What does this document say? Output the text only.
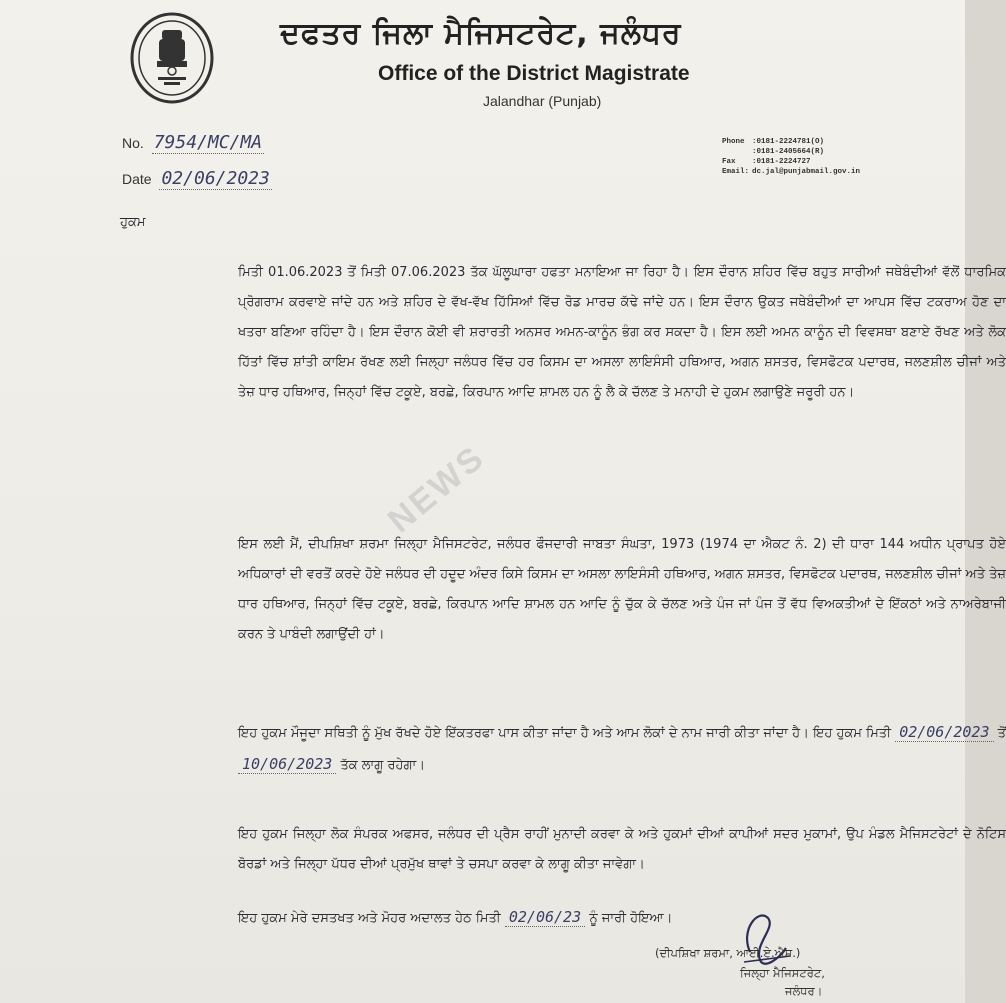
ਦਫਤਰ ਜਿਲਾ ਮੈਜਿਸਟਰੇਟ, ਜਲੰਧਰ
Office of the District Magistrate
Jalandhar (Punjab)
No. 7954/MC/MA
Date 02/06/2023
Phone :0181-2224781(O)
:0181-2405664(R)
Fax	:0181-2224727
Email: dc.jal@punjabmail.gov.in
ਹੁਕਮ
ਮਿਤੀ 01.06.2023 ਤੋਂ ਮਿਤੀ 07.06.2023 ਤੱਕ ਘੱਲੂਘਾਰਾ ਹਫਤਾ ਮਨਾਇਆ ਜਾ ਰਿਹਾ ਹੈ। ਇਸ ਦੌਰਾਨ ਸ਼ਹਿਰ ਵਿੱਚ ਬਹੁਤ ਸਾਰੀਆਂ ਜਥੇਬੰਦੀਆਂ ਵੱਲੋਂ ਧਾਰਮਿਕ ਪ੍ਰੋਗਰਾਮ ਕਰਵਾਏ ਜਾਂਦੇ ਹਨ ਅਤੇ ਸ਼ਹਿਰ ਦੇ ਵੱਖ-ਵੱਖ ਹਿੱਸਿਆਂ ਵਿੱਚ ਰੋਡ ਮਾਰਚ ਕੱਢੇ ਜਾਂਦੇ ਹਨ। ਇਸ ਦੌਰਾਨ ਉਕਤ ਜਥੇਬੰਦੀਆਂ ਦਾ ਆਪਸ ਵਿੱਚ ਟਕਰਾਅ ਹੋਣ ਦਾ ਖਤਰਾ ਬਣਿਆ ਰਹਿੰਦਾ ਹੈ। ਇਸ ਦੌਰਾਨ ਕੋਈ ਵੀ ਸ਼ਰਾਰਤੀ ਅਨਸਰ ਅਮਨ-ਕਾਨੂੰਨ ਭੰਗ ਕਰ ਸਕਦਾ ਹੈ। ਇਸ ਲਈ ਅਮਨ ਕਾਨੂੰਨ ਦੀ ਵਿਵਸਥਾ ਬਣਾਏ ਰੱਖਣ ਅਤੇ ਲੋਕ ਹਿੱਤਾਂ ਵਿੱਚ ਸ਼ਾਂਤੀ ਕਾਇਮ ਰੱਖਣ ਲਈ ਜਿਲ੍ਹਾ ਜਲੰਧਰ ਵਿੱਚ ਹਰ ਕਿਸਮ ਦਾ ਅਸਲਾ ਲਾਇਸੰਸੀ ਹਥਿਆਰ, ਅਗਨ ਸ਼ਸਤਰ, ਵਿਸਫੋਟਕ ਪਦਾਰਥ, ਜਲਣਸ਼ੀਲ ਚੀਜਾਂ ਅਤੇ ਤੇਜ਼ ਧਾਰ ਹਥਿਆਰ, ਜਿਨ੍ਹਾਂ ਵਿੱਚ ਟਕੂਏ, ਬਰਛੇ, ਕਿਰਪਾਨ ਆਦਿ ਸ਼ਾਮਲ ਹਨ ਨੂੰ ਲੈ ਕੇ ਚੱਲਣ ਤੇ ਮਨਾਹੀ ਦੇ ਹੁਕਮ ਲਗਾਉਣੇ ਜਰੂਰੀ ਹਨ।
ਇਸ ਲਈ ਮੈਂ, ਦੀਪਸ਼ਿਖਾ ਸ਼ਰਮਾ ਜਿਲ੍ਹਾ ਮੈਜਿਸਟਰੇਟ, ਜਲੰਧਰ ਫੌਜਦਾਰੀ ਜਾਬਤਾ ਸੰਘਤਾ, 1973 (1974 ਦਾ ਐਕਟ ਨੰ. 2) ਦੀ ਧਾਰਾ 144 ਅਧੀਨ ਪ੍ਰਾਪਤ ਹੋਏ ਅਧਿਕਾਰਾਂ ਦੀ ਵਰਤੋਂ ਕਰਦੇ ਹੋਏ ਜਲੰਧਰ ਦੀ ਹਦੂਦ ਅੰਦਰ ਕਿਸੇ ਕਿਸਮ ਦਾ ਅਸਲਾ ਲਾਇਸੰਸੀ ਹਥਿਆਰ, ਅਗਨ ਸ਼ਸਤਰ, ਵਿਸਫੋਟਕ ਪਦਾਰਥ, ਜਲਣਸ਼ੀਲ ਚੀਜਾਂ ਅਤੇ ਤੇਜ਼ ਧਾਰ ਹਥਿਆਰ, ਜਿਨ੍ਹਾਂ ਵਿੱਚ ਟਕੂਏ, ਬਰਛੇ, ਕਿਰਪਾਨ ਆਦਿ ਸ਼ਾਮਲ ਹਨ ਆਦਿ ਨੂੰ ਚੁੱਕ ਕੇ ਚੱਲਣ ਅਤੇ ਪੰਜ ਜਾਂ ਪੰਜ ਤੋਂ ਵੱਧ ਵਿਅਕਤੀਆਂ ਦੇ ਇੱਕਠਾਂ ਅਤੇ ਨਾਅਰੇਬਾਜੀ ਕਰਨ ਤੇ ਪਾਬੰਦੀ ਲਗਾਉਂਦੀ ਹਾਂ।
ਇਹ ਹੁਕਮ ਮੌਜੂਦਾ ਸਥਿਤੀ ਨੂੰ ਮੁੱਖ ਰੱਖਦੇ ਹੋਏ ਇੱਕਤਰਫਾ ਪਾਸ ਕੀਤਾ ਜਾਂਦਾ ਹੈ ਅਤੇ ਆਮ ਲੋਕਾਂ ਦੇ ਨਾਮ ਜਾਰੀ ਕੀਤਾ ਜਾਂਦਾ ਹੈ। ਇਹ ਹੁਕਮ ਮਿਤੀ 02/06/2023 ਤੋਂ 10/06/2023 ਤੱਕ ਲਾਗੂ ਰਹੇਗਾ।
ਇਹ ਹੁਕਮ ਜਿਲ੍ਹਾ ਲੋਕ ਸੰਪਰਕ ਅਫਸਰ, ਜਲੰਧਰ ਦੀ ਪ੍ਰੈਸ ਰਾਹੀਂ ਮੁਨਾਦੀ ਕਰਵਾ ਕੇ ਅਤੇ ਹੁਕਮਾਂ ਦੀਆਂ ਕਾਪੀਆਂ ਸਦਰ ਮੁਕਾਮਾਂ, ਉਪ ਮੰਡਲ ਮੈਜਿਸਟਰੇਟਾਂ ਦੇ ਨੋਟਿਸ ਬੋਰਡਾਂ ਅਤੇ ਜਿਲ੍ਹਾ ਪੱਧਰ ਦੀਆਂ ਪ੍ਰਮੁੱਖ ਥਾਵਾਂ ਤੇ ਚਸਪਾ ਕਰਵਾ ਕੇ ਲਾਗੂ ਕੀਤਾ ਜਾਵੇਗਾ।
ਇਹ ਹੁਕਮ ਮੇਰੇ ਦਸਤਖਤ ਅਤੇ ਮੋਹਰ ਅਦਾਲਤ ਹੇਠ ਮਿਤੀ 02/06/23 ਨੂੰ ਜਾਰੀ ਹੋਇਆ।
(ਦੀਪਸ਼ਿਖਾ ਸ਼ਰਮਾ, ਆਈ.ਏ.ਐਸ.)
ਜਿਲ੍ਹਾ ਮੈਜਿਸਟਰੇਟ,
ਜਲੰਧਰ।
NEWS
